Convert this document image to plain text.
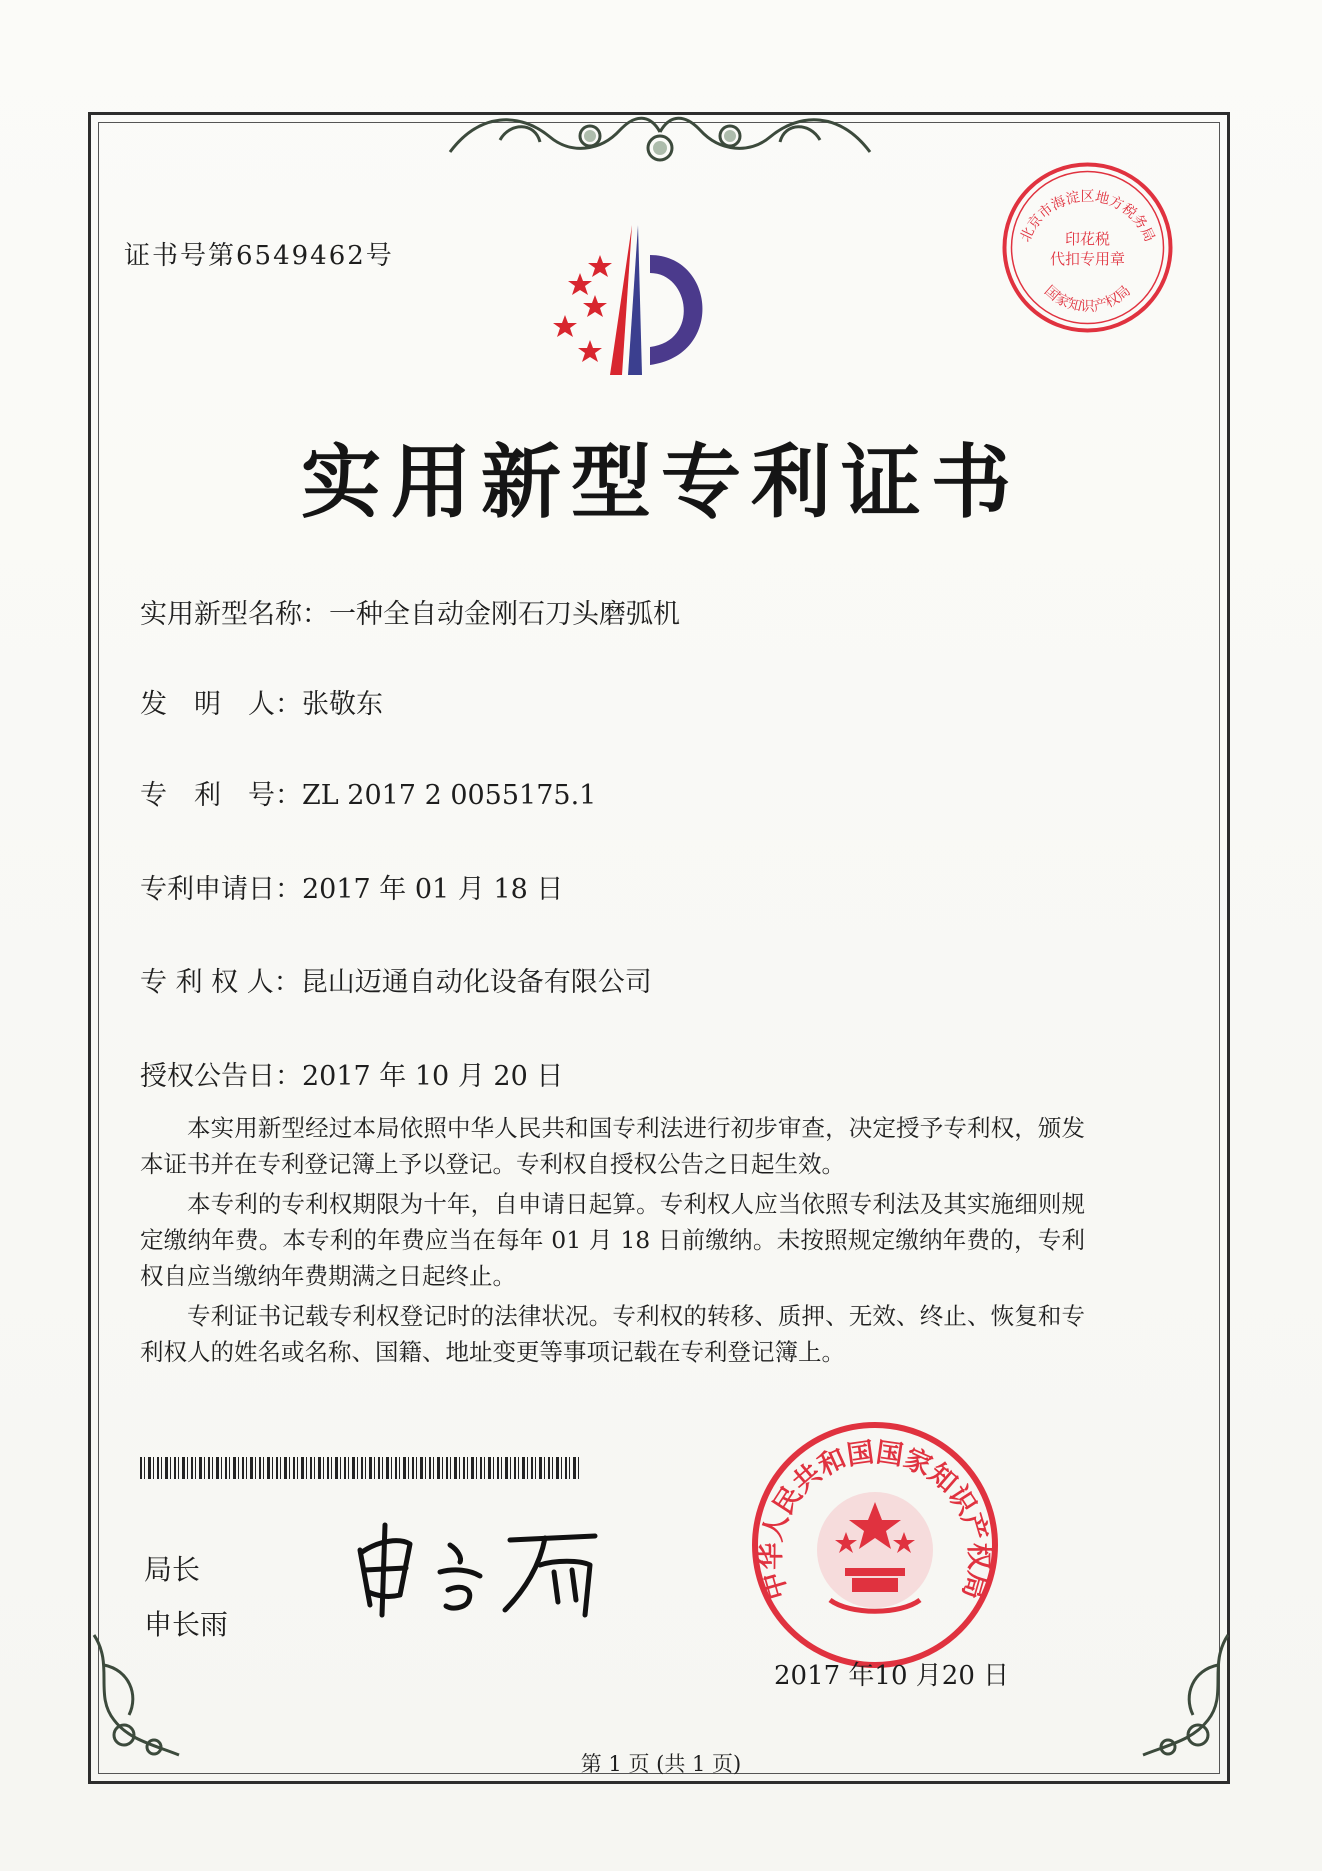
证书号第6549462号
北京市海淀区地方税务局
印花税
代扣专用章
国家知识产权局
实用新型专利证书
实用新型名称：一种全自动金刚石刀头磨弧机
发　明　人：张敬东
专　利　号：ZL 2017 2 0055175.1
专利申请日：2017 年 01 月 18 日
专 利 权 人：昆山迈通自动化设备有限公司
授权公告日：2017 年 10 月 20 日

本实用新型经过本局依照中华人民共和国专利法进行初步审查，决定授予专利权，颁发本证书并在专利登记簿上予以登记。专利权自授权公告之日起生效。

本专利的专利权期限为十年，自申请日起算。专利权人应当依照专利法及其实施细则规定缴纳年费。本专利的年费应当在每年 01 月 18 日前缴纳。未按照规定缴纳年费的，专利权自应当缴纳年费期满之日起终止。

专利证书记载专利权登记时的法律状况。专利权的转移、质押、无效、终止、恢复和专利权人的姓名或名称、国籍、地址变更等事项记载在专利登记簿上。

局长
申长雨
中华人民共和国国家知识产权局
2017 年10 月20 日
第 1 页 (共 1 页)
